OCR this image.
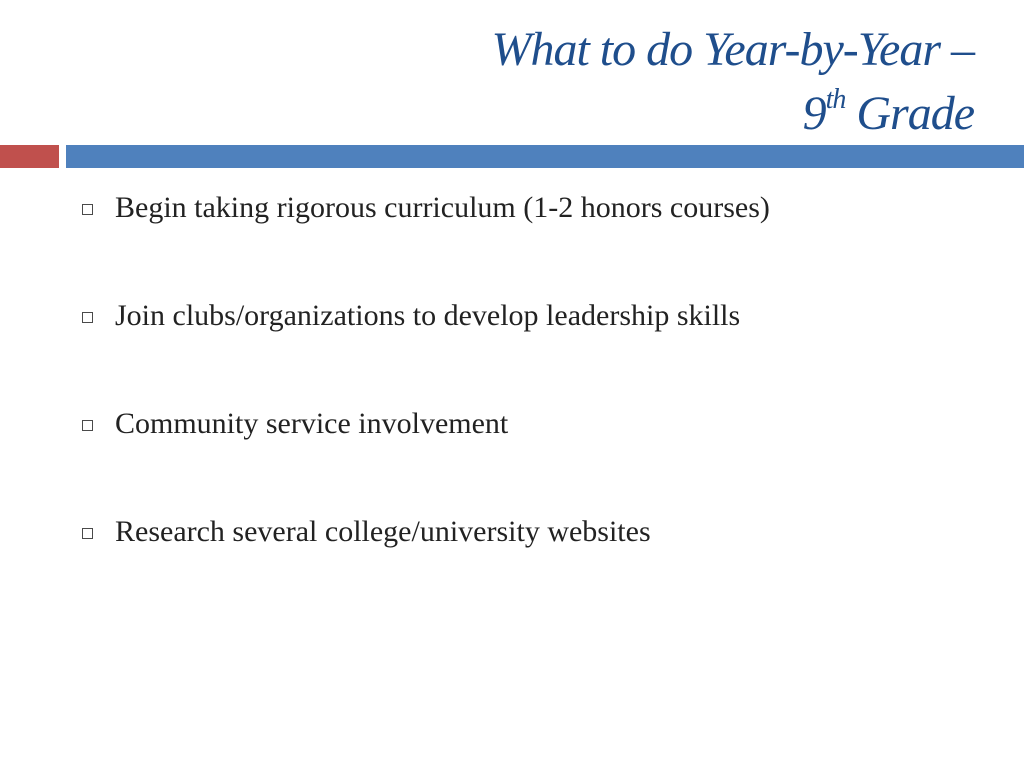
What to do Year-by-Year –
9th Grade
Begin taking rigorous curriculum (1-2 honors courses)
Join clubs/organizations to develop leadership skills
Community service involvement
Research several college/university websites
